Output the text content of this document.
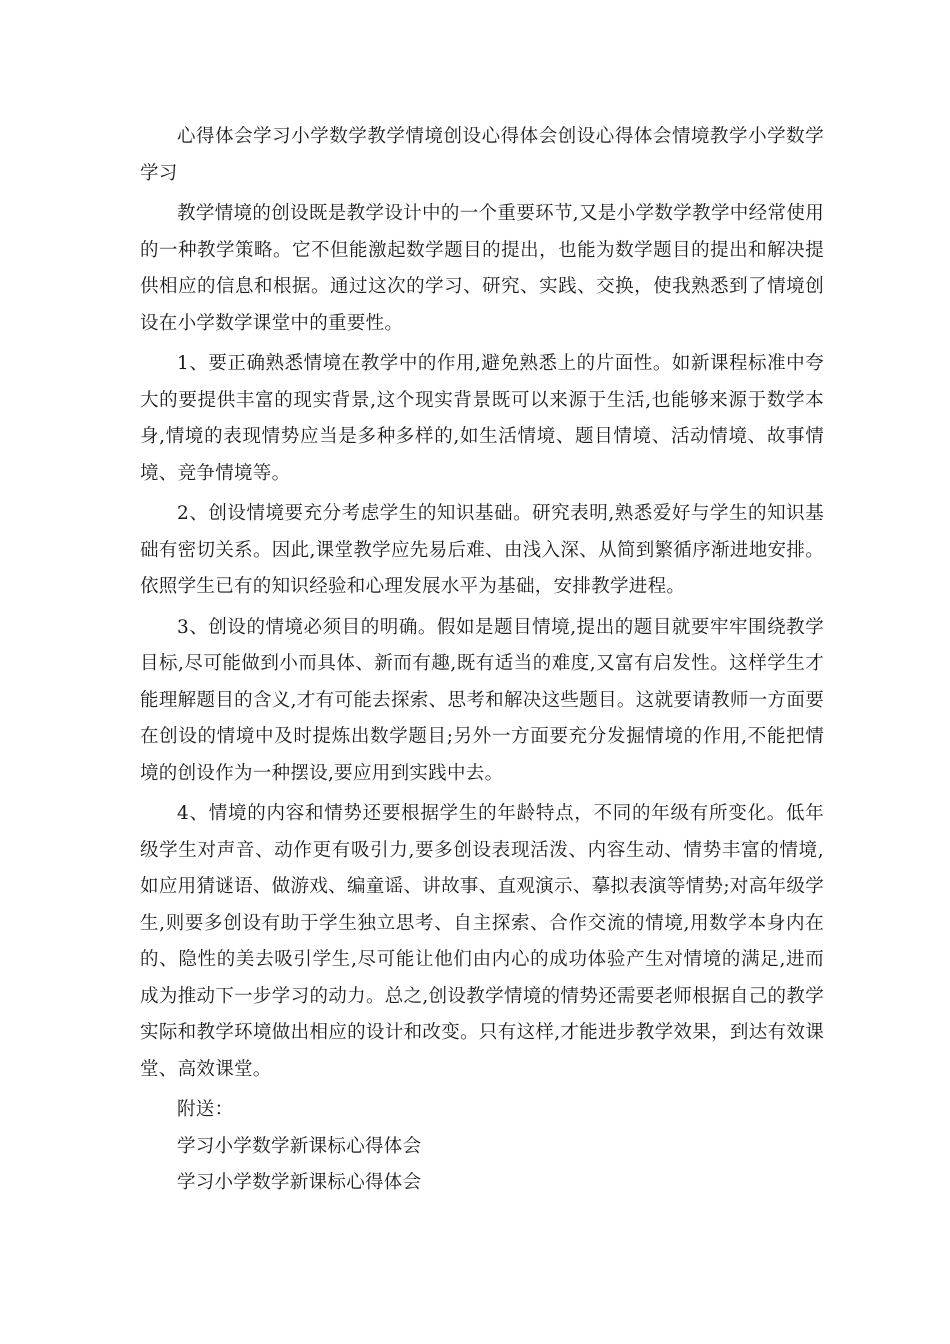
心得体会学习小学数学教学情境创设心得体会创设心得体会情境教学小学数学学习

教学情境的创设既是教学设计中的一个重要环节,又是小学数学教学中经常使用的一种教学策略。它不但能激起数学题目的提出，也能为数学题目的提出和解决提供相应的信息和根据。通过这次的学习、研究、实践、交换，使我熟悉到了情境创设在小学数学课堂中的重要性。

1、要正确熟悉情境在教学中的作用,避免熟悉上的片面性。如新课程标准中夸大的要提供丰富的现实背景,这个现实背景既可以来源于生活,也能够来源于数学本身,情境的表现情势应当是多种多样的,如生活情境、题目情境、活动情境、故事情境、竞争情境等。

2、创设情境要充分考虑学生的知识基础。研究表明,熟悉爱好与学生的知识基础有密切关系。因此,课堂教学应先易后难、由浅入深、从简到繁循序渐进地安排。依照学生已有的知识经验和心理发展水平为基础，安排教学进程。

3、创设的情境必须目的明确。假如是题目情境,提出的题目就要牢牢围绕教学目标,尽可能做到小而具体、新而有趣,既有适当的难度,又富有启发性。这样学生才能理解题目的含义,才有可能去探索、思考和解决这些题目。这就要请教师一方面要在创设的情境中及时提炼出数学题目;另外一方面要充分发掘情境的作用,不能把情境的创设作为一种摆设,要应用到实践中去。

4、情境的内容和情势还要根据学生的年龄特点，不同的年级有所变化。低年级学生对声音、动作更有吸引力,要多创设表现活泼、内容生动、情势丰富的情境,如应用猜谜语、做游戏、编童谣、讲故事、直观演示、摹拟表演等情势;对高年级学生,则要多创设有助于学生独立思考、自主探索、合作交流的情境,用数学本身内在的、隐性的美去吸引学生,尽可能让他们由内心的成功体验产生对情境的满足,进而成为推动下一步学习的动力。总之,创设教学情境的情势还需要老师根据自己的教学实际和教学环境做出相应的设计和改变。只有这样,才能进步教学效果，到达有效课堂、高效课堂。

附送：

学习小学数学新课标心得体会

学习小学数学新课标心得体会
